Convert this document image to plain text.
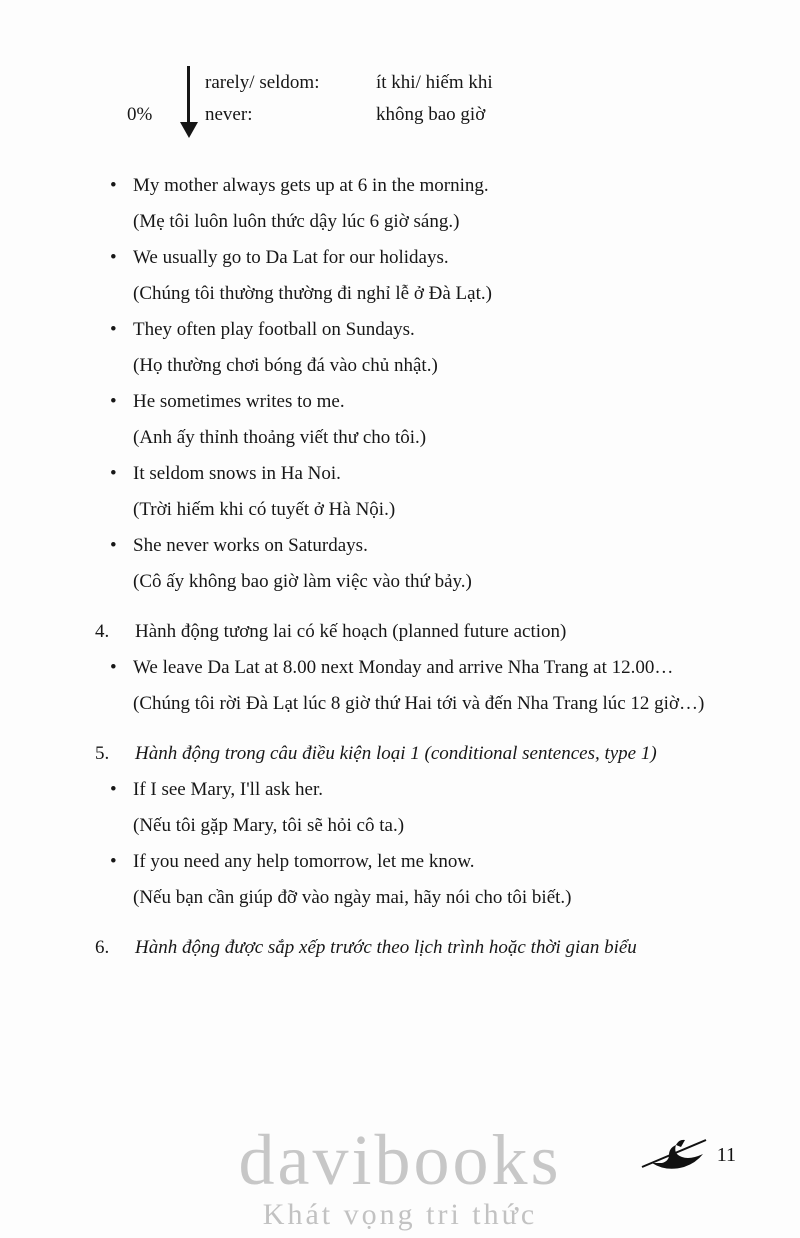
0%
rarely/ seldom:	ít khi/ hiếm khi
never:	không bao giờ
• My mother always gets up at 6 in the morning.

(Mẹ tôi luôn luôn thức dậy lúc 6 giờ sáng.)

• We usually go to Da Lat for our holidays.

(Chúng tôi thường thường đi nghỉ lễ ở Đà Lạt.)

• They often play football on Sundays.

(Họ thường chơi bóng đá vào chủ nhật.)

• He sometimes writes to me.

(Anh ấy thỉnh thoảng viết thư cho tôi.)

• It seldom snows in Ha Noi.

(Trời hiếm khi có tuyết ở Hà Nội.)

• She never works on Saturdays.

(Cô ấy không bao giờ làm việc vào thứ bảy.)

4.	Hành động tương lai có kế hoạch (planned future action)
• We leave Da Lat at 8.00 next Monday and arrive Nha Trang at 12.00…

(Chúng tôi rời Đà Lạt lúc 8 giờ thứ Hai tới và đến Nha Trang lúc 12 giờ…)

5.	Hành động trong câu điều kiện loại 1 (conditional sentences, type 1)
• If I see Mary, I'll ask her.

(Nếu tôi gặp Mary, tôi sẽ hỏi cô ta.)

• If you need any help tomorrow, let me know.

(Nếu bạn cần giúp đỡ vào ngày mai, hãy nói cho tôi biết.)

6.	Hành động được sắp xếp trước theo lịch trình hoặc thời gian biểu
davibooks
Khát vọng tri thức
11
